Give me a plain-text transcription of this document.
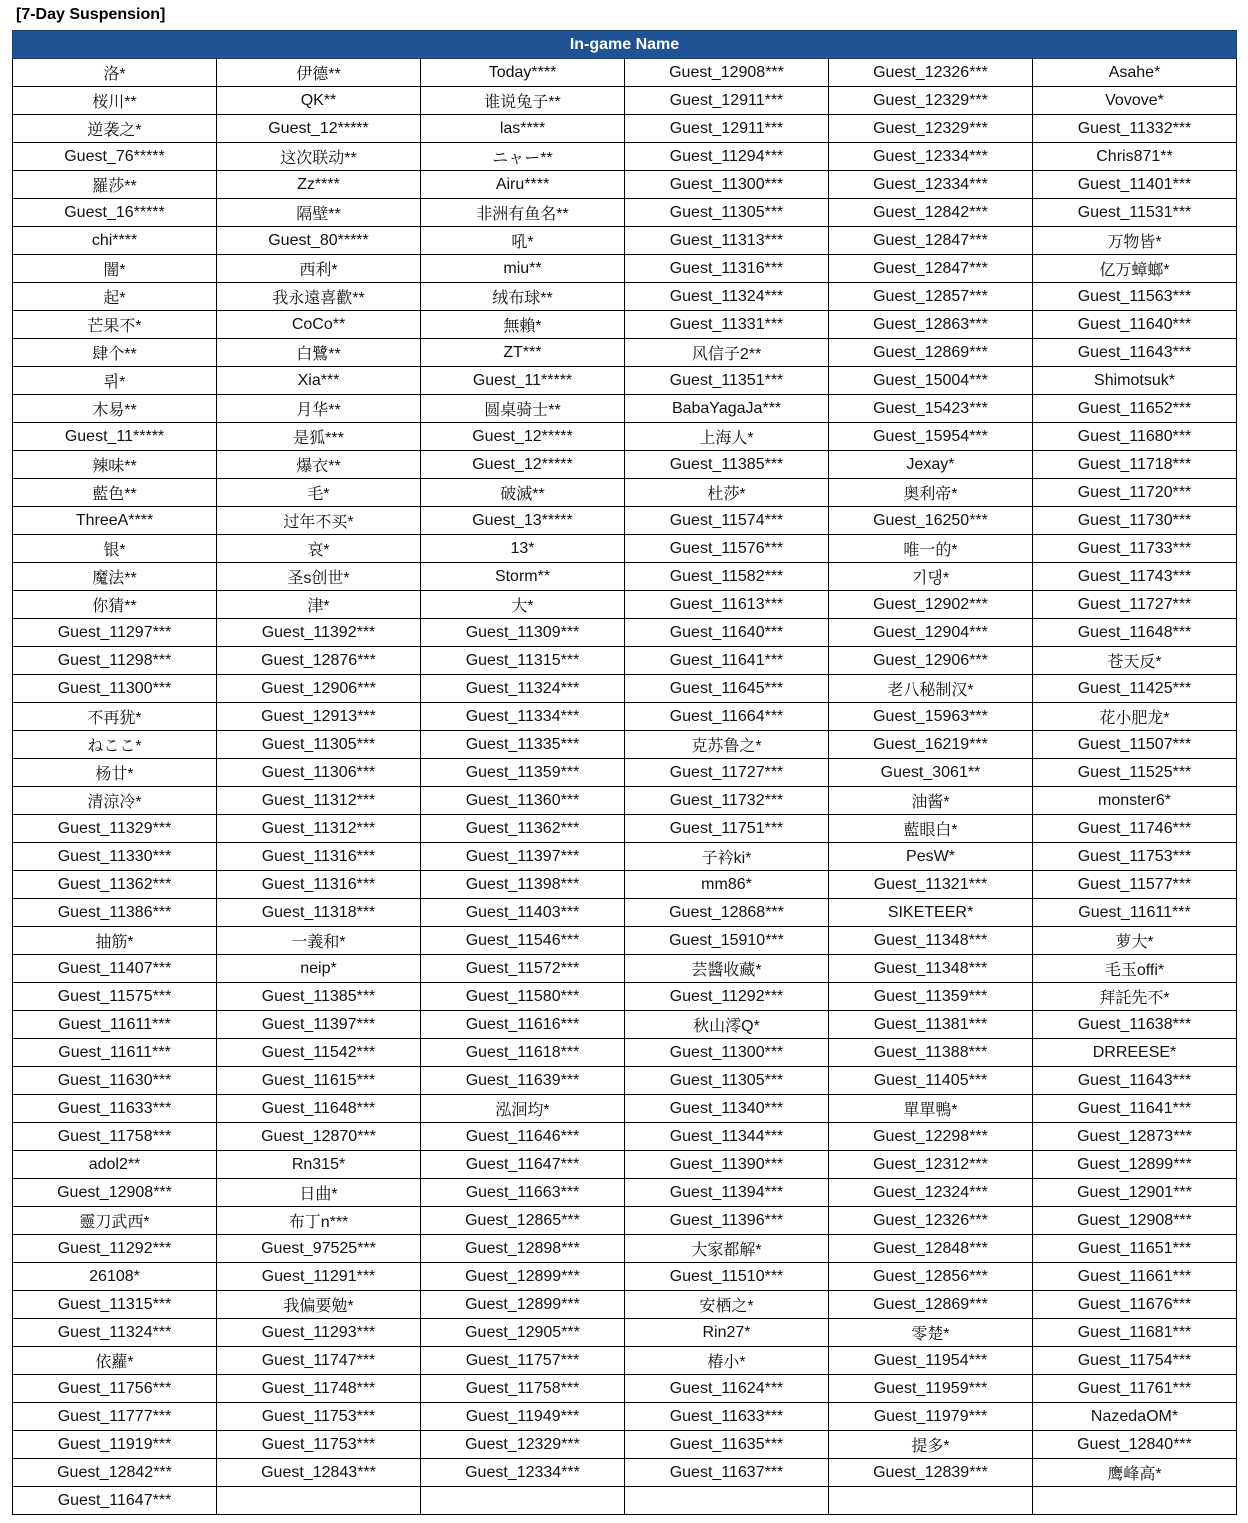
[7-Day Suspension]
In-game Name					
洛*	伊德**	Today****	Guest_12908***	Guest_12326***	Asahe*
桜川**	QK**	谁说兔子**	Guest_12911***	Guest_12329***	Vovove*
逆袭之*	Guest_12*****	las****	Guest_12911***	Guest_12329***	Guest_11332***
Guest_76*****	这次联动**	ニャー**	Guest_11294***	Guest_12334***	Chris871**
羅莎**	Zz****	Airu****	Guest_11300***	Guest_12334***	Guest_11401***
Guest_16*****	隔壁**	非洲有鱼名**	Guest_11305***	Guest_12842***	Guest_11531***
chi****	Guest_80*****	吼*	Guest_11313***	Guest_12847***	万物皆*
闇*	西利*	miu**	Guest_11316***	Guest_12847***	亿万蟑螂*
起*	我永遠喜歡**	绒布球**	Guest_11324***	Guest_12857***	Guest_11563***
芒果不*	CoCo**	無賴*	Guest_11331***	Guest_12863***	Guest_11640***
肆个**	白鷺**	ZT***	风信子2**	Guest_12869***	Guest_11643***
뤼*	Xia***	Guest_11*****	Guest_11351***	Guest_15004***	Shimotsuk*
木易**	月华**	圆桌骑士**	BabaYagaJa***	Guest_15423***	Guest_11652***
Guest_11*****	是狐***	Guest_12*****	上海人*	Guest_15954***	Guest_11680***
辣味**	爆衣**	Guest_12*****	Guest_11385***	Jexay*	Guest_11718***
藍色**	毛*	破滅**	杜莎*	奥利帝*	Guest_11720***
ThreeA****	过年不买*	Guest_13*****	Guest_11574***	Guest_16250***	Guest_11730***
银*	哀*	13*	Guest_11576***	唯一的*	Guest_11733***
魔法**	圣s创世*	Storm**	Guest_11582***	기댕*	Guest_11743***
你猜**	津*	大*	Guest_11613***	Guest_12902***	Guest_11727***
Guest_11297***	Guest_11392***	Guest_11309***	Guest_11640***	Guest_12904***	Guest_11648***
Guest_11298***	Guest_12876***	Guest_11315***	Guest_11641***	Guest_12906***	苍天反*
Guest_11300***	Guest_12906***	Guest_11324***	Guest_11645***	老八秘制汉*	Guest_11425***
不再犹*	Guest_12913***	Guest_11334***	Guest_11664***	Guest_15963***	花小肥龙*
ねここ*	Guest_11305***	Guest_11335***	克苏鲁之*	Guest_16219***	Guest_11507***
杨廿*	Guest_11306***	Guest_11359***	Guest_11727***	Guest_3061**	Guest_11525***
清涼冷*	Guest_11312***	Guest_11360***	Guest_11732***	油酱*	monster6*
Guest_11329***	Guest_11312***	Guest_11362***	Guest_11751***	藍眼白*	Guest_11746***
Guest_11330***	Guest_11316***	Guest_11397***	子衿ki*	PesW*	Guest_11753***
Guest_11362***	Guest_11316***	Guest_11398***	mm86*	Guest_11321***	Guest_11577***
Guest_11386***	Guest_11318***	Guest_11403***	Guest_12868***	SIKETEER*	Guest_11611***
抽筋*	一義和*	Guest_11546***	Guest_15910***	Guest_11348***	萝大*
Guest_11407***	neip*	Guest_11572***	芸醬收藏*	Guest_11348***	毛玉offi*
Guest_11575***	Guest_11385***	Guest_11580***	Guest_11292***	Guest_11359***	拜託先不*
Guest_11611***	Guest_11397***	Guest_11616***	秋山澪Q*	Guest_11381***	Guest_11638***
Guest_11611***	Guest_11542***	Guest_11618***	Guest_11300***	Guest_11388***	DRREESE*
Guest_11630***	Guest_11615***	Guest_11639***	Guest_11305***	Guest_11405***	Guest_11643***
Guest_11633***	Guest_11648***	泓洄均*	Guest_11340***	單單鴨*	Guest_11641***
Guest_11758***	Guest_12870***	Guest_11646***	Guest_11344***	Guest_12298***	Guest_12873***
adol2**	Rn315*	Guest_11647***	Guest_11390***	Guest_12312***	Guest_12899***
Guest_12908***	日曲*	Guest_11663***	Guest_11394***	Guest_12324***	Guest_12901***
靈刀武西*	布丁n***	Guest_12865***	Guest_11396***	Guest_12326***	Guest_12908***
Guest_11292***	Guest_97525***	Guest_12898***	大家都解*	Guest_12848***	Guest_11651***
26108*	Guest_11291***	Guest_12899***	Guest_11510***	Guest_12856***	Guest_11661***
Guest_11315***	我偏要勉*	Guest_12899***	安栖之*	Guest_12869***	Guest_11676***
Guest_11324***	Guest_11293***	Guest_12905***	Rin27*	零楚*	Guest_11681***
依蘿*	Guest_11747***	Guest_11757***	椿小*	Guest_11954***	Guest_11754***
Guest_11756***	Guest_11748***	Guest_11758***	Guest_11624***	Guest_11959***	Guest_11761***
Guest_11777***	Guest_11753***	Guest_11949***	Guest_11633***	Guest_11979***	NazedaOM*
Guest_11919***	Guest_11753***	Guest_12329***	Guest_11635***	提多*	Guest_12840***
Guest_12842***	Guest_12843***	Guest_12334***	Guest_11637***	Guest_12839***	鹰峰高*
Guest_11647***					
